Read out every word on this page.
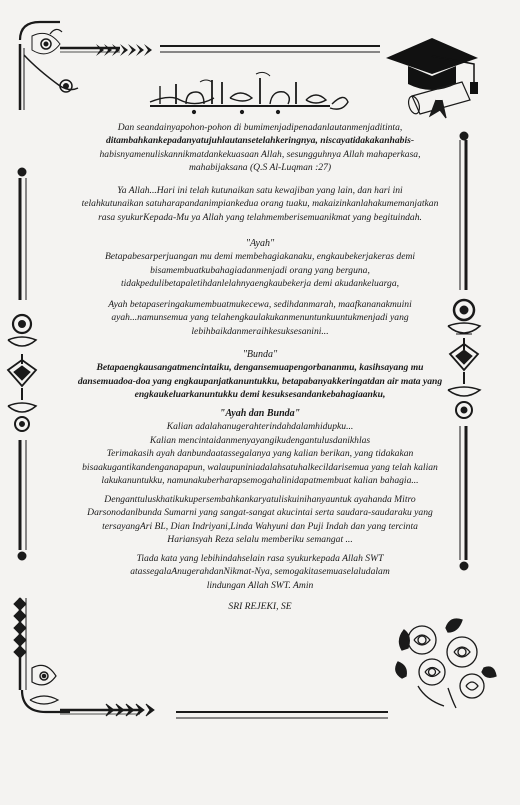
Dan seandainyapohon-pohon di bumimenjadipenadanlautanmenjaditinta,
ditambahkankepadanyatujuhlautansetelahkeringnya, niscayatidakakanhabis-
habisnyamenuliskannikmatdankekuasaan Allah, sesungguhnya Allah mahaperkasa,
mahabijaksana (Q.S Al-Luqman :27)
Ya Allah...Hari ini telah kutunaikan satu kewajiban yang lain, dan hari ini
telahkutunaikan satuharapandanimpiankedua orang tuaku, makaizinkanlahakumemanjatkan
rasa syukurKepada-Mu ya Allah yang telahmemberisemuanikmat yang begituindah.
"Ayah"
Betapabesarperjuangan mu demi membehagiakanaku, engkaubekerjakeras demi
bisamembuatkubahagiadanmenjadi orang yang berguna,
tidakpedulibetapaletihdanlelahnyaengkaubekerja demi akudankeluarga,
Ayah betapaseringakumembuatmukecewa, sedihdanmarah, maafkananakmuini
ayah...namunsemua yang telahengkaulakukanmenuntunkuuntukmenjadi yang
lebihbaikdanmeraihkesuksesanini...
"Bunda"
Betapaengkausangatmencintaiku, dengansemuapengorbananmu, kasihsayang mu
dansemuadoa-doa yang engkaupanjatkanuntukku, betapabanyakkeringatdan air mata yang
engkaukeluarkanuntukku demi kesuksesandankebahagiaanku,
"Ayah dan Bunda"
Kalian adalahanugerahterindahdalamhidupku...
Kalian mencintaidanmenyayangikudengantulusdanikhlas
Terimakasih ayah danbundaatassegalanya yang kalian berikan, yang tidakakan
bisaakugantikandenganapapun, walaupuniniadalahsatuhalkecildarisemua yang telah kalian
lakukanuntukku, namunakuberharapsemogahalinidapatmembuat kalian bahagia...
Denganttuluskhatikukupersembahkankaryatuliskuinihanyauntuk ayahanda Mitro
Darsonodanlbunda Sumarni yang sangat-sangat akucintai serta saudara-saudaraku yang
tersayangAri BL, Dian Indriyani,Linda Wahyuni dan Puji Indah dan yang tercinta
Hariansyah Reza selalu memberiku semangat ...
Tiada kata yang lebihindahselain rasa syukurkepada Allah SWT
atassegalaAnugerahdanNikmat-Nya, semogakitasemuaselaludalam
lindungan Allah SWT. Amin
SRI REJEKI, SE
